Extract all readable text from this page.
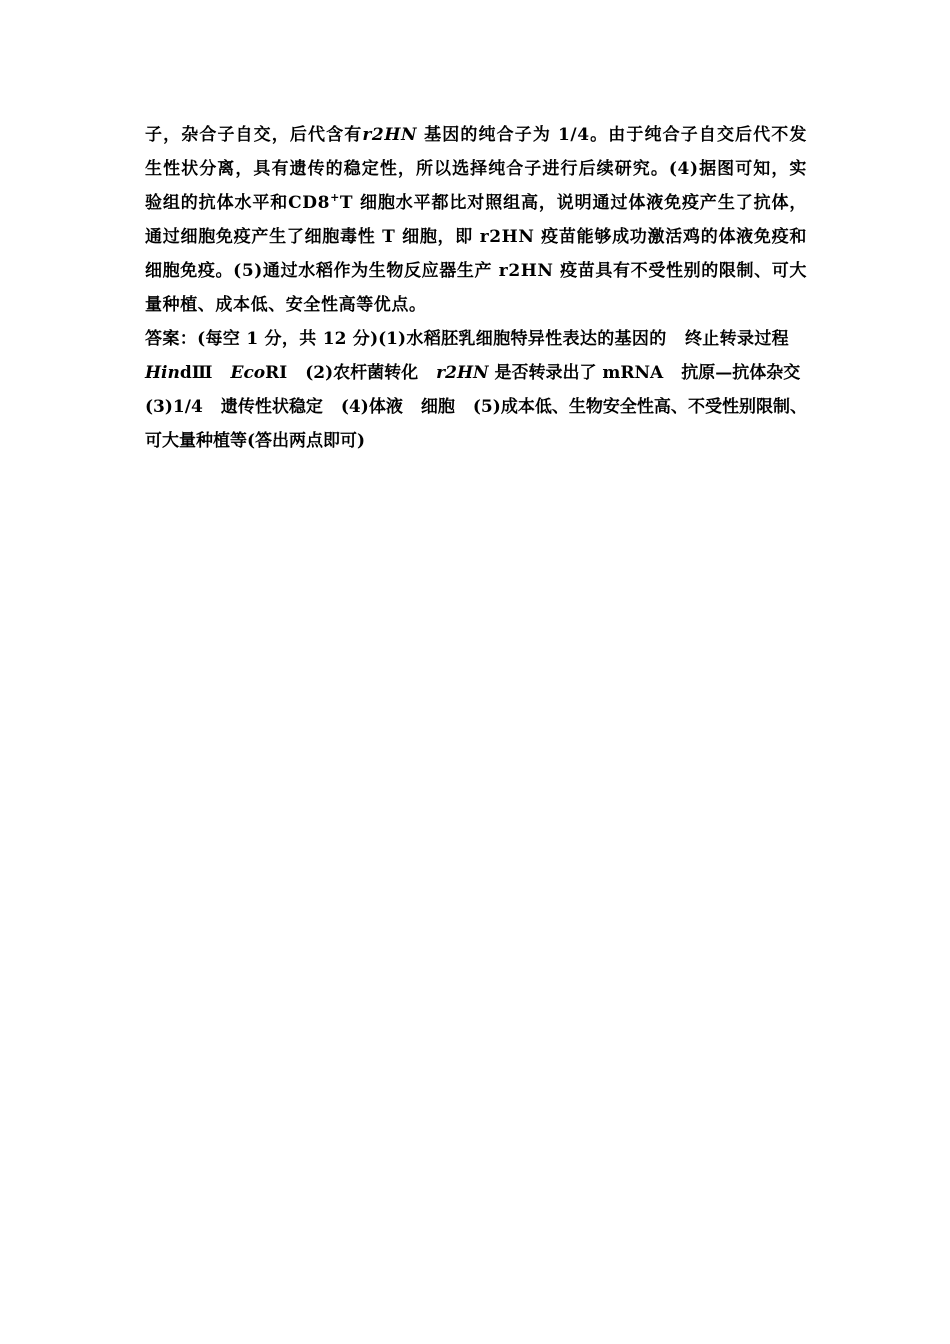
子，杂合子自交，后代含有r2HN 基因的纯合子为 1/4。由于纯合子自交后代不发生性状分离，具有遗传的稳定性，所以选择纯合子进行后续研究。(4)据图可知，实验组的抗体水平和CD8+T 细胞水平都比对照组高，说明通过体液免疫产生了抗体，通过细胞免疫产生了细胞毒性 T 细胞，即 r2HN 疫苗能够成功激活鸡的体液免疫和细胞免疫。(5)通过水稻作为生物反应器生产 r2HN 疫苗具有不受性别的限制、可大量种植、成本低、安全性高等优点。

答案：(每空 1 分，共 12 分)(1)水稻胚乳细胞特异性表达的基因的 终止转录过程HindⅢ EcoRⅠ (2)农杆菌转化 r2HN 是否转录出了 mRNA 抗原—抗体杂交

(3)1/4 遗传性状稳定 (4)体液 细胞 (5)成本低、生物安全性高、不受性别限制、可大量种植等(答出两点即可)
